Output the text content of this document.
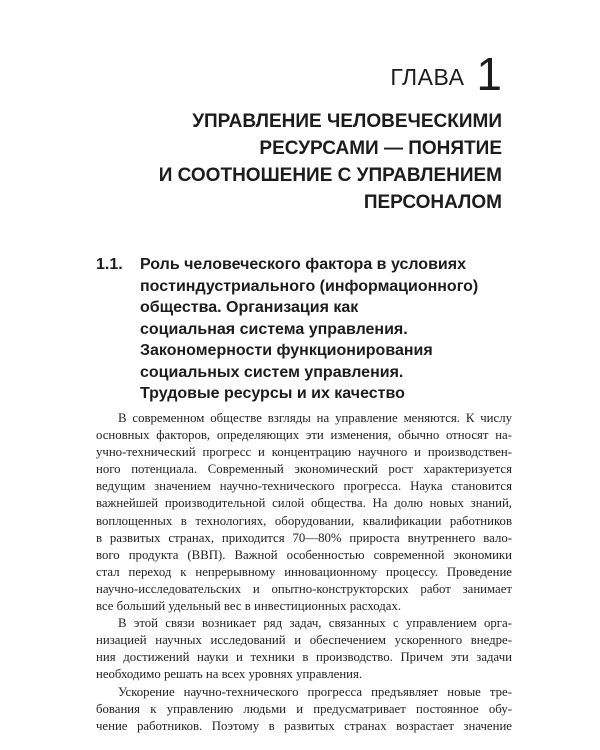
ГЛАВА 1
УПРАВЛЕНИЕ ЧЕЛОВЕЧЕСКИМИ
РЕСУРСАМИ — ПОНЯТИЕ
И СООТНОШЕНИЕ С УПРАВЛЕНИЕМ
ПЕРСОНАЛОМ
1.1. Роль человеческого фактора в условиях
постиндустриального (информационного)
общества. Организация как
социальная система управления.
Закономерности функционирования
социальных систем управления.
Трудовые ресурсы и их качество

В современном обществе взгляды на управление меняются. К числу
основных факторов, определяющих эти изменения, обычно относят на-
учно-технический прогресс и концентрацию научного и производствен-
ного потенциала. Современный экономический рост характеризуется
ведущим значением научно-технического прогресса. Наука становится
важнейшей производительной силой общества. На долю новых знаний,
воплощенных в технологиях, оборудовании, квалификации работников
в развитых странах, приходится 70—80% прироста внутреннего вало-
вого продукта (ВВП). Важной особенностью современной экономики
стал переход к непрерывному инновационному процессу. Проведение
научно-исследовательских и опытно-конструкторских работ занимает
все больший удельный вес в инвестиционных расходах.

В этой связи возникает ряд задач, связанных с управлением орга-
низацией научных исследований и обеспечением ускоренного внедре-
ния достижений науки и техники в производство. Причем эти задачи
необходимо решать на всех уровнях управления.

Ускорение научно-технического прогресса предъявляет новые тре-
бования к управлению людьми и предусматривает постоянное обу-
чение работников. Поэтому в развитых странах возрастает значение
